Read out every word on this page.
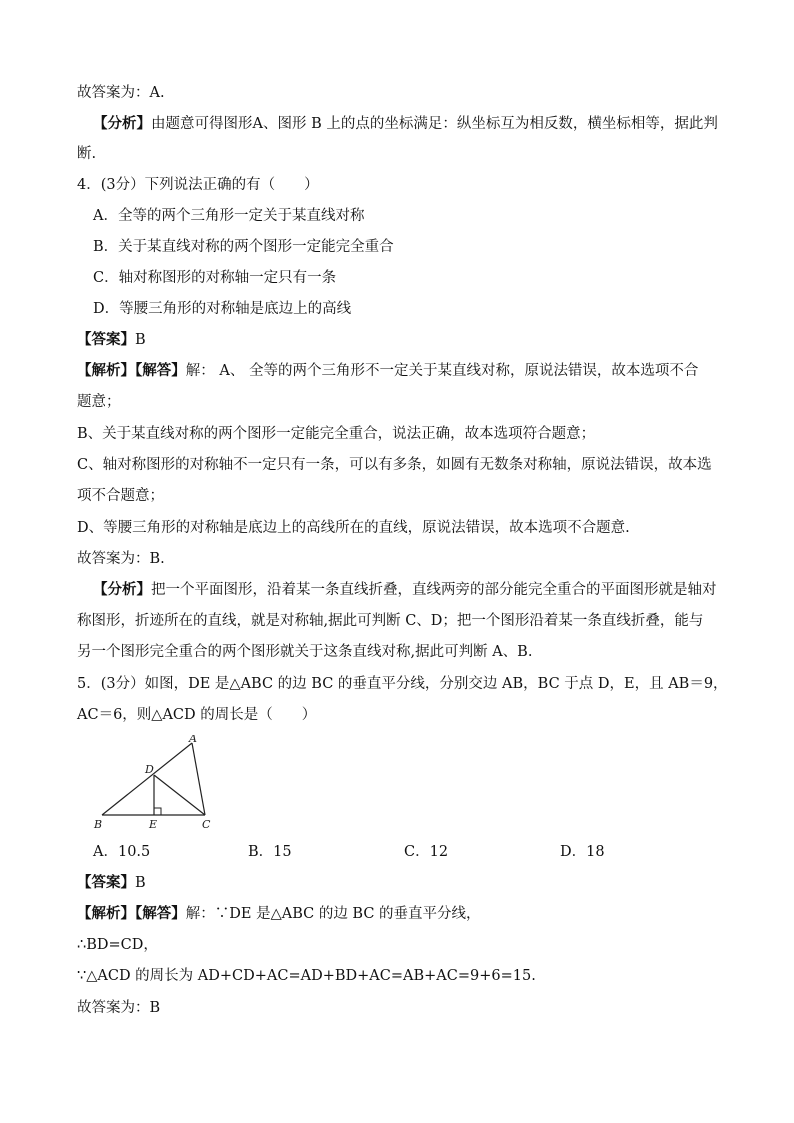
故答案为：A.
【分析】由题意可得图形A、图形 B 上的点的坐标满足：纵坐标互为相反数，横坐标相等，据此判
断.
4．(3分）下列说法正确的有（　　）
A．全等的两个三角形一定关于某直线对称
B．关于某直线对称的两个图形一定能完全重合
C．轴对称图形的对称轴一定只有一条
D．等腰三角形的对称轴是底边上的高线
【答案】B
【解析】【解答】解： A、 全等的两个三角形不一定关于某直线对称，原说法错误，故本选项不合
题意；
B、关于某直线对称的两个图形一定能完全重合，说法正确，故本选项符合题意；
C、轴对称图形的对称轴不一定只有一条，可以有多条，如圆有无数条对称轴，原说法错误，故本选
项不合题意；
D、等腰三角形的对称轴是底边上的高线所在的直线，原说法错误，故本选项不合题意.
故答案为：B.
【分析】把一个平面图形，沿着某一条直线折叠，直线两旁的部分能完全重合的平面图形就是轴对
称图形，折迹所在的直线，就是对称轴,据此可判断 C、D；把一个图形沿着某一条直线折叠，能与
另一个图形完全重合的两个图形就关于这条直线对称,据此可判断 A、B.
5．(3分）如图，DE 是△ABC 的边 BC 的垂直平分线，分别交边 AB，BC 于点 D，E，且 AB＝9，
AC＝6，则△ACD 的周长是（　　）
A
B	C
D
E
A．10.5	B．15	C．12	D．18
【答案】B
【解析】【解答】解：∵DE 是△ABC 的边 BC 的垂直平分线，
∴BD=CD，
∵△ACD 的周长为 AD+CD+AC=AD+BD+AC=AB+AC=9+6=15.
故答案为：B
